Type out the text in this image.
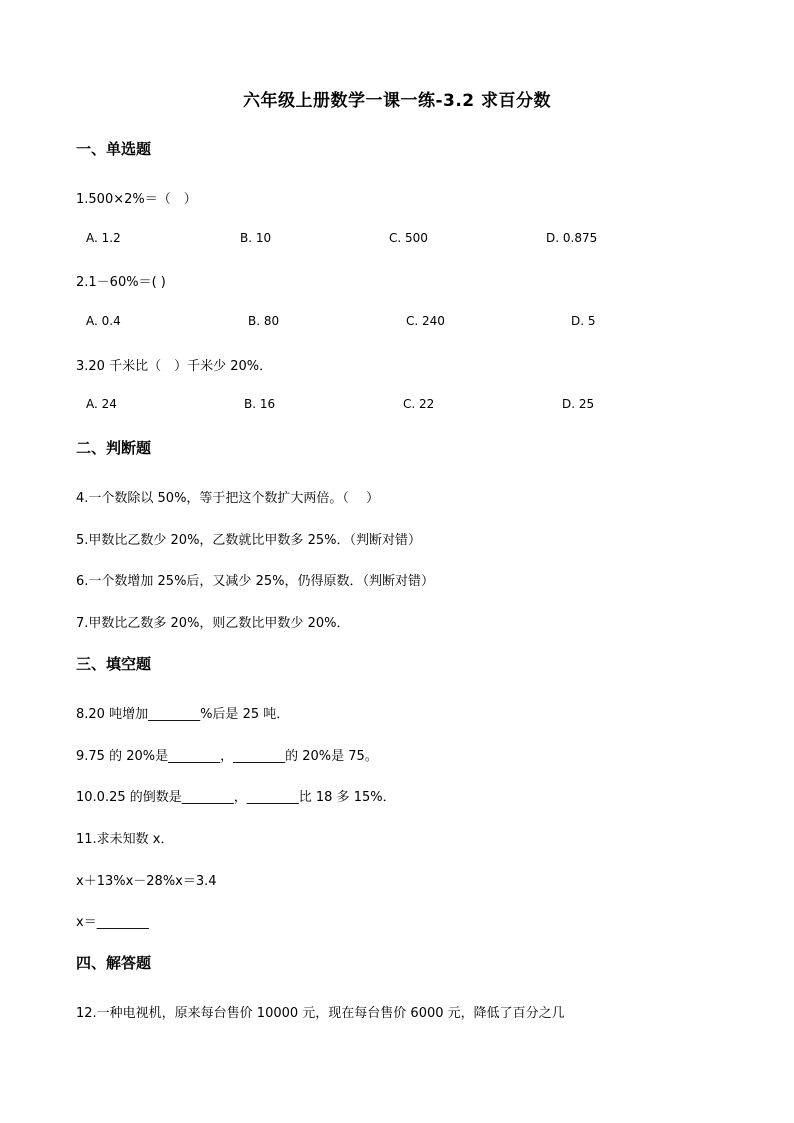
六年级上册数学一课一练-3.2 求百分数
一、单选题
1.500×2%＝（　）
A. 1.2	B. 10	C. 500	D. 0.875
2.1－60%＝( )
A. 0.4	B. 80	C. 240	D. 5
3.20 千米比（　）千米少 20%．
A. 24	B. 16	C. 22	D. 25
二、判断题
4.一个数除以 50%，等于把这个数扩大两倍。（　 ）
5.甲数比乙数少 20%，乙数就比甲数多 25%．（判断对错）
6.一个数增加 25%后，又减少 25%，仍得原数．（判断对错）
7.甲数比乙数多 20%，则乙数比甲数少 20%．
三、填空题
8.20 吨增加________%后是 25 吨．
9.75 的 20%是________，________的 20%是 75。
10.0.25 的倒数是________，________比 18 多 15%．
11.求未知数 x．
x＋13%x－28%x＝3.4
x＝________
四、解答题
12.一种电视机，原来每台售价 10000 元，现在每台售价 6000 元，降低了百分之几
